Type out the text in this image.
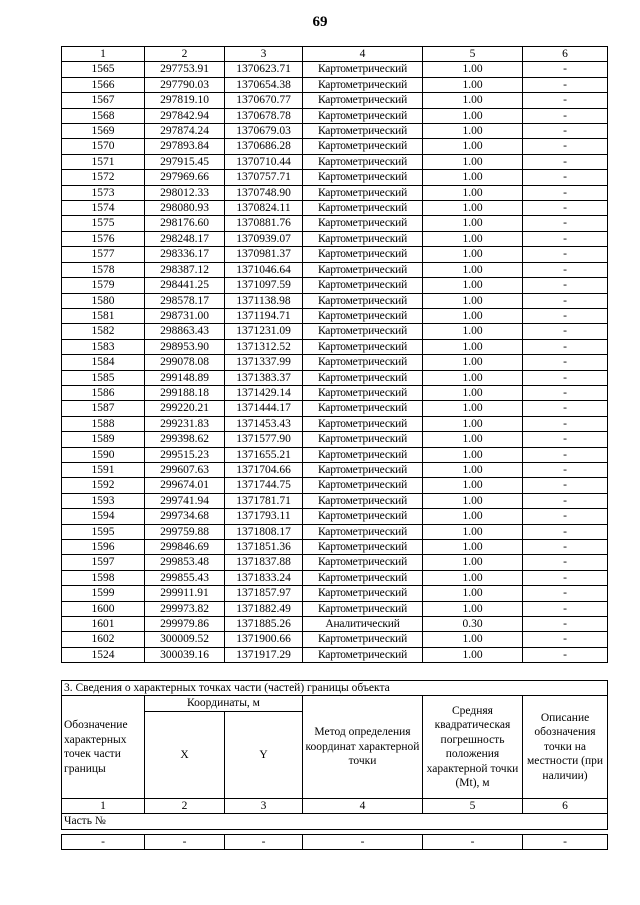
69
1	2	3	4	5	6
1565	297753.91	1370623.71	Картометрический	1.00	-
1566	297790.03	1370654.38	Картометрический	1.00	-
1567	297819.10	1370670.77	Картометрический	1.00	-
1568	297842.94	1370678.78	Картометрический	1.00	-
1569	297874.24	1370679.03	Картометрический	1.00	-
1570	297893.84	1370686.28	Картометрический	1.00	-
1571	297915.45	1370710.44	Картометрический	1.00	-
1572	297969.66	1370757.71	Картометрический	1.00	-
1573	298012.33	1370748.90	Картометрический	1.00	-
1574	298080.93	1370824.11	Картометрический	1.00	-
1575	298176.60	1370881.76	Картометрический	1.00	-
1576	298248.17	1370939.07	Картометрический	1.00	-
1577	298336.17	1370981.37	Картометрический	1.00	-
1578	298387.12	1371046.64	Картометрический	1.00	-
1579	298441.25	1371097.59	Картометрический	1.00	-
1580	298578.17	1371138.98	Картометрический	1.00	-
1581	298731.00	1371194.71	Картометрический	1.00	-
1582	298863.43	1371231.09	Картометрический	1.00	-
1583	298953.90	1371312.52	Картометрический	1.00	-
1584	299078.08	1371337.99	Картометрический	1.00	-
1585	299148.89	1371383.37	Картометрический	1.00	-
1586	299188.18	1371429.14	Картометрический	1.00	-
1587	299220.21	1371444.17	Картометрический	1.00	-
1588	299231.83	1371453.43	Картометрический	1.00	-
1589	299398.62	1371577.90	Картометрический	1.00	-
1590	299515.23	1371655.21	Картометрический	1.00	-
1591	299607.63	1371704.66	Картометрический	1.00	-
1592	299674.01	1371744.75	Картометрический	1.00	-
1593	299741.94	1371781.71	Картометрический	1.00	-
1594	299734.68	1371793.11	Картометрический	1.00	-
1595	299759.88	1371808.17	Картометрический	1.00	-
1596	299846.69	1371851.36	Картометрический	1.00	-
1597	299853.48	1371837.88	Картометрический	1.00	-
1598	299855.43	1371833.24	Картометрический	1.00	-
1599	299911.91	1371857.97	Картометрический	1.00	-
1600	299973.82	1371882.49	Картометрический	1.00	-
1601	299979.86	1371885.26	Аналитический	0.30	-
1602	300009.52	1371900.66	Картометрический	1.00	-
1524	300039.16	1371917.29	Картометрический	1.00	-
3. Сведения о характерных точках части (частей) границы объекта					

Обозначение
характерных
точек части
границы	Координаты, м		Метод определения координат характерной точки	Средняя квадратическая погрешность положения характерной точки (Mt), м	Описание обозначения точки на местности (при наличии)
	X	Y			
1	2	3	4	5	6
Часть №					

-	-	-	-	-	-
